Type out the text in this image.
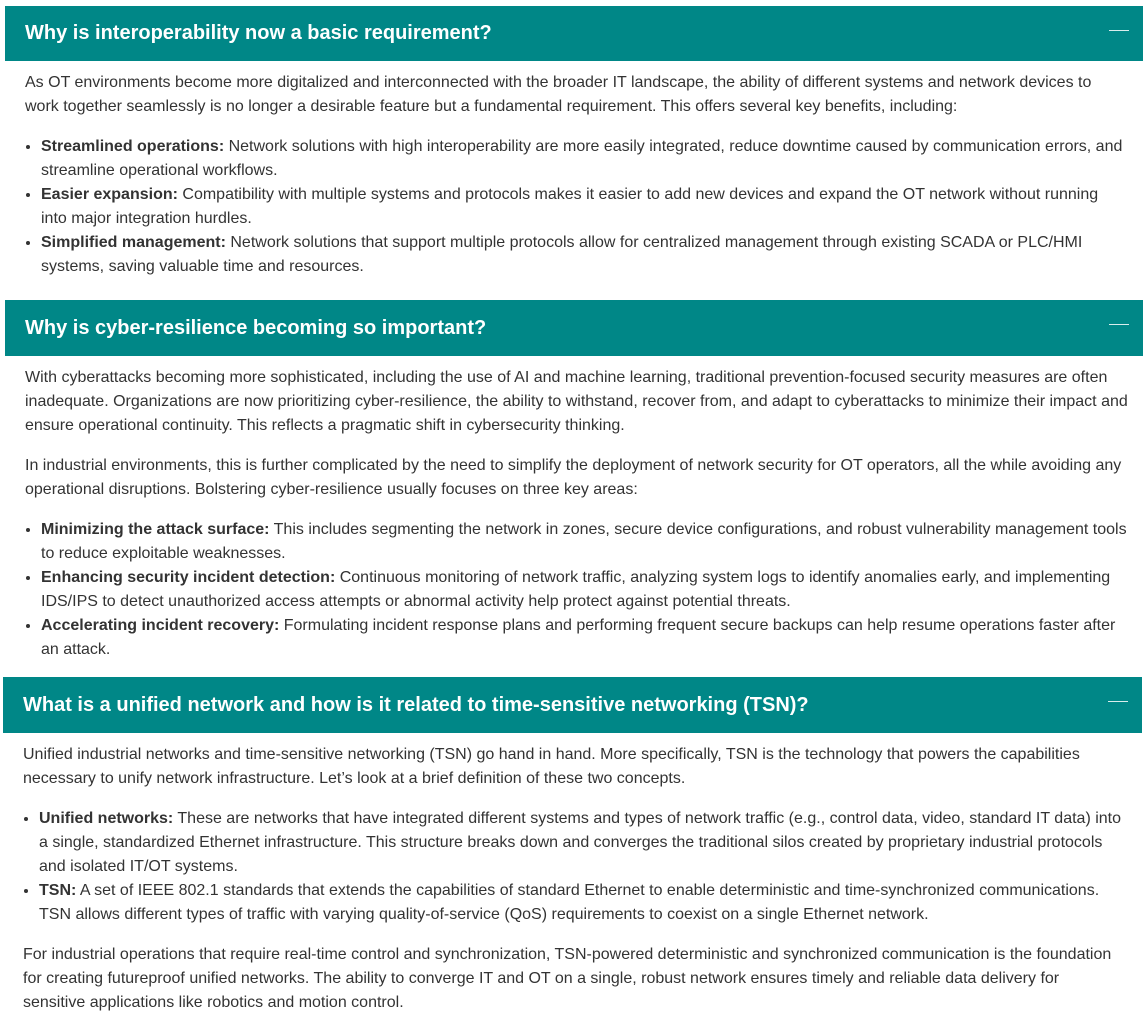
Why is interoperability now a basic requirement?

As OT environments become more digitalized and interconnected with the broader IT landscape, the ability of different systems and network devices to work together seamlessly is no longer a desirable feature but a fundamental requirement. This offers several key benefits, including:

• Streamlined operations: Network solutions with high interoperability are more easily integrated, reduce downtime caused by communication errors, and streamline operational workflows.
• Easier expansion: Compatibility with multiple systems and protocols makes it easier to add new devices and expand the OT network without running into major integration hurdles.
• Simplified management: Network solutions that support multiple protocols allow for centralized management through existing SCADA or PLC/HMI systems, saving valuable time and resources.
Why is cyber-resilience becoming so important?

With cyberattacks becoming more sophisticated, including the use of AI and machine learning, traditional prevention-focused security measures are often inadequate. Organizations are now prioritizing cyber-resilience, the ability to withstand, recover from, and adapt to cyberattacks to minimize their impact and ensure operational continuity. This reflects a pragmatic shift in cybersecurity thinking.

In industrial environments, this is further complicated by the need to simplify the deployment of network security for OT operators, all the while avoiding any operational disruptions. Bolstering cyber-resilience usually focuses on three key areas:

• Minimizing the attack surface: This includes segmenting the network in zones, secure device configurations, and robust vulnerability management tools to reduce exploitable weaknesses.
• Enhancing security incident detection: Continuous monitoring of network traffic, analyzing system logs to identify anomalies early, and implementing IDS/IPS to detect unauthorized access attempts or abnormal activity help protect against potential threats.
• Accelerating incident recovery: Formulating incident response plans and performing frequent secure backups can help resume operations faster after an attack.
What is a unified network and how is it related to time-sensitive networking (TSN)?

Unified industrial networks and time-sensitive networking (TSN) go hand in hand. More specifically, TSN is the technology that powers the capabilities necessary to unify network infrastructure. Let’s look at a brief definition of these two concepts.

• Unified networks: These are networks that have integrated different systems and types of network traffic (e.g., control data, video, standard IT data) into a single, standardized Ethernet infrastructure. This structure breaks down and converges the traditional silos created by proprietary industrial protocols and isolated IT/OT systems.
• TSN: A set of IEEE 802.1 standards that extends the capabilities of standard Ethernet to enable deterministic and time-synchronized communications. TSN allows different types of traffic with varying quality-of-service (QoS) requirements to coexist on a single Ethernet network.

For industrial operations that require real-time control and synchronization, TSN-powered deterministic and synchronized communication is the foundation for creating futureproof unified networks. The ability to converge IT and OT on a single, robust network ensures timely and reliable data delivery for sensitive applications like robotics and motion control.
